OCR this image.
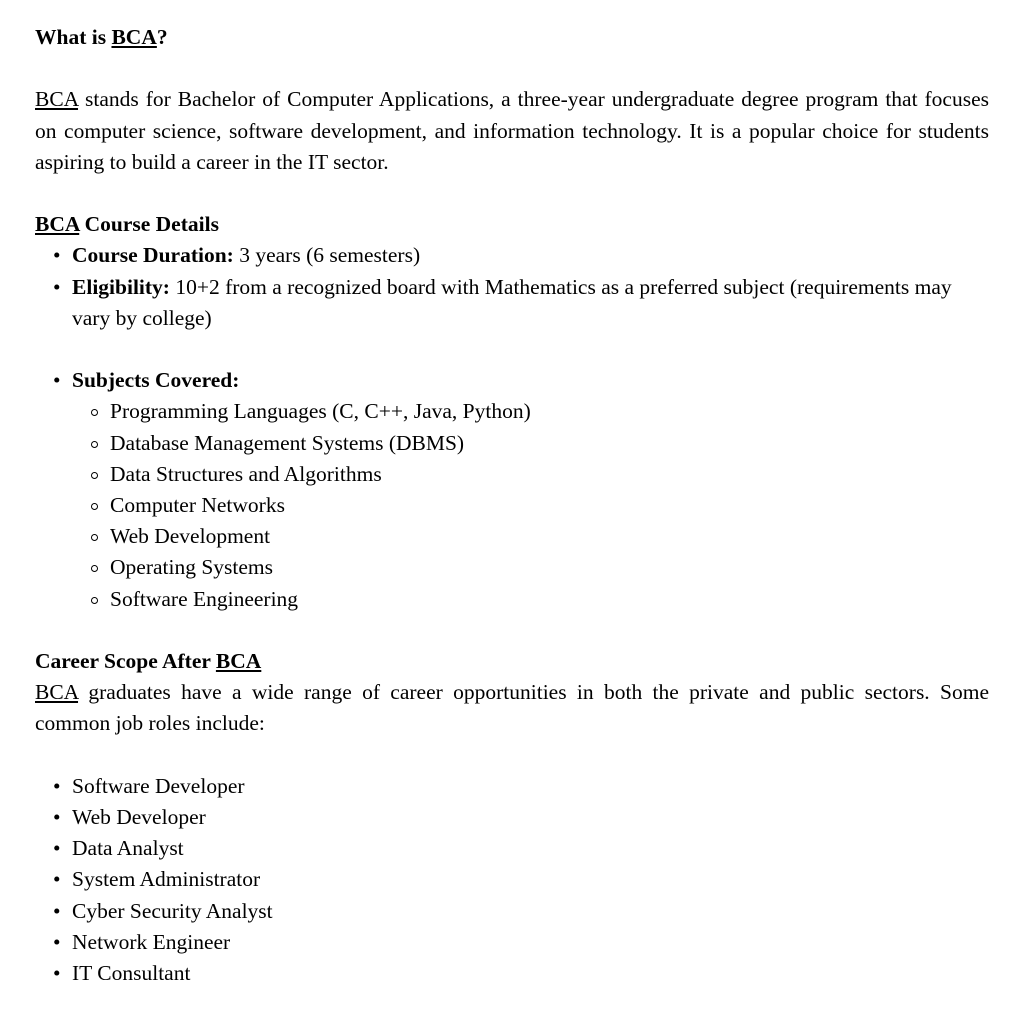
What is BCA?

BCA stands for Bachelor of Computer Applications, a three-year undergraduate degree program that focuses on computer science, software development, and information technology. It is a popular choice for students aspiring to build a career in the IT sector.

BCA Course Details

• Course Duration: 3 years (6 semesters)
• Eligibility: 10+2 from a recognized board with Mathematics as a preferred subject (requirements may vary by college)
• Subjects Covered:
Programming Languages (C, C++, Java, Python)
Database Management Systems (DBMS)
Data Structures and Algorithms
Computer Networks
Web Development
Operating Systems
Software Engineering

Career Scope After BCA

BCA graduates have a wide range of career opportunities in both the private and public sectors. Some common job roles include:

• Software Developer
• Web Developer
• Data Analyst
• System Administrator
• Cyber Security Analyst
• Network Engineer
• IT Consultant
